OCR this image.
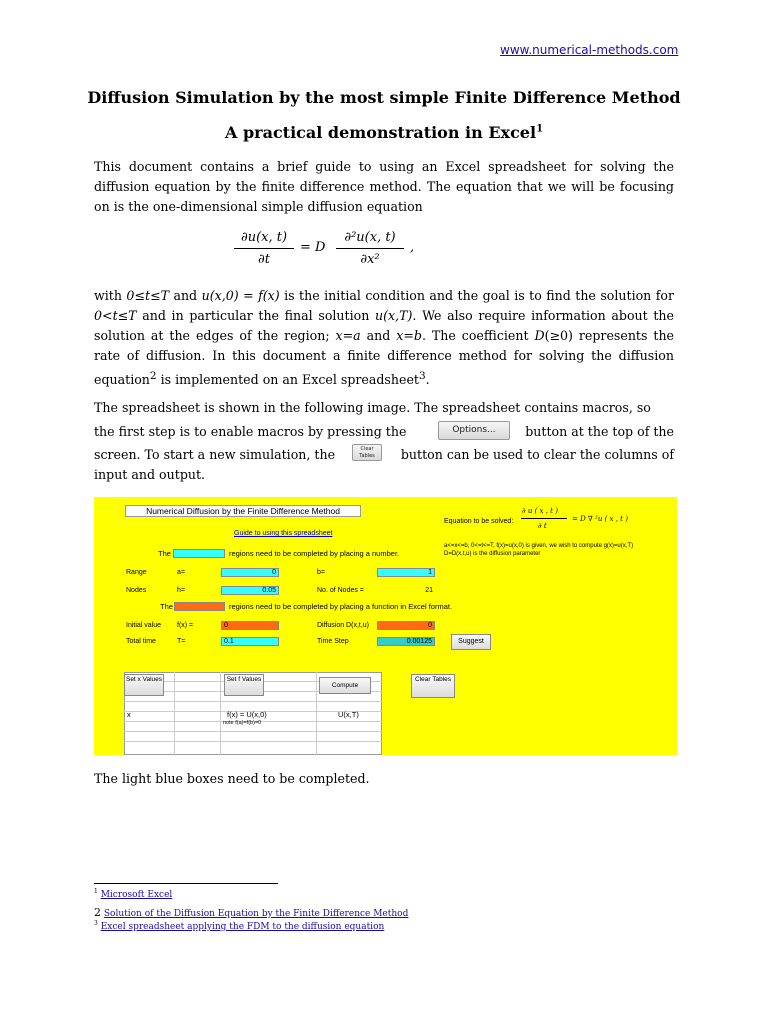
www.numerical-methods.com
Diffusion Simulation by the most simple Finite Difference Method
A practical demonstration in Excel$^1$
This document contains a brief guide to using an Excel spreadsheet for solving the diffusion equation by the finite difference method. The equation that we will be focusing on is the one-dimensional simple diffusion equation
∂u(x, t)
∂t
= D
∂²u(x, t)
∂x²
,
with 0≤t≤T and u(x,0) = f(x) is the initial condition and the goal is to find the solution for 0<t≤T and in particular the final solution u(x,T). We also require information about the solution at the edges of the region; x=a and x=b. The coefficient D(≥0) represents the rate of diffusion. In this document a finite difference method for solving the diffusion equation$^2$ is implemented on an Excel spreadsheet$^3$.
The spreadsheet is shown in the following image. The spreadsheet contains macros, so
the first step is to enable macros by pressing the	Options...	button at the top of the
screen. To start a new simulation, the	Clear Tables	button can be used to clear the columns of
input and output.
Numerical Diffusion by the Finite Difference Method
Guide to using this spreadsheet
Equation to be solved:
∂ u ( x , t )
∂ t
= D ∇ ²u ( x , t )
a<=x<=b, 0<=t<=T, f(x)=u(x,0) is given, we wish to compute g(x)=u(x,T)
D=D(x,t,u) is the diffusion parameter
The	regions need to be completed by placing a number.
Range	a=	0	b=	1
Nodes	h=	0.05	No. of Nodes =	21
The	regions need to be completed by placing a function in Excel format.
Initial value f(x) =	0	Diffusion D(x,t,u)	0
Total time	T=	0.1	Time Step	0.00125	Suggest
Set x Values	Set f Values
Compute
Clear Tables
x	f(x) = U(x,0)
note f(a)=f(b)=0
U(x,T)
The light blue boxes need to be completed.
$^1$ Microsoft Excel
2 Solution of the Diffusion Equation by the Finite Difference Method
$^3$ Excel spreadsheet applying the FDM to the diffusion equation
